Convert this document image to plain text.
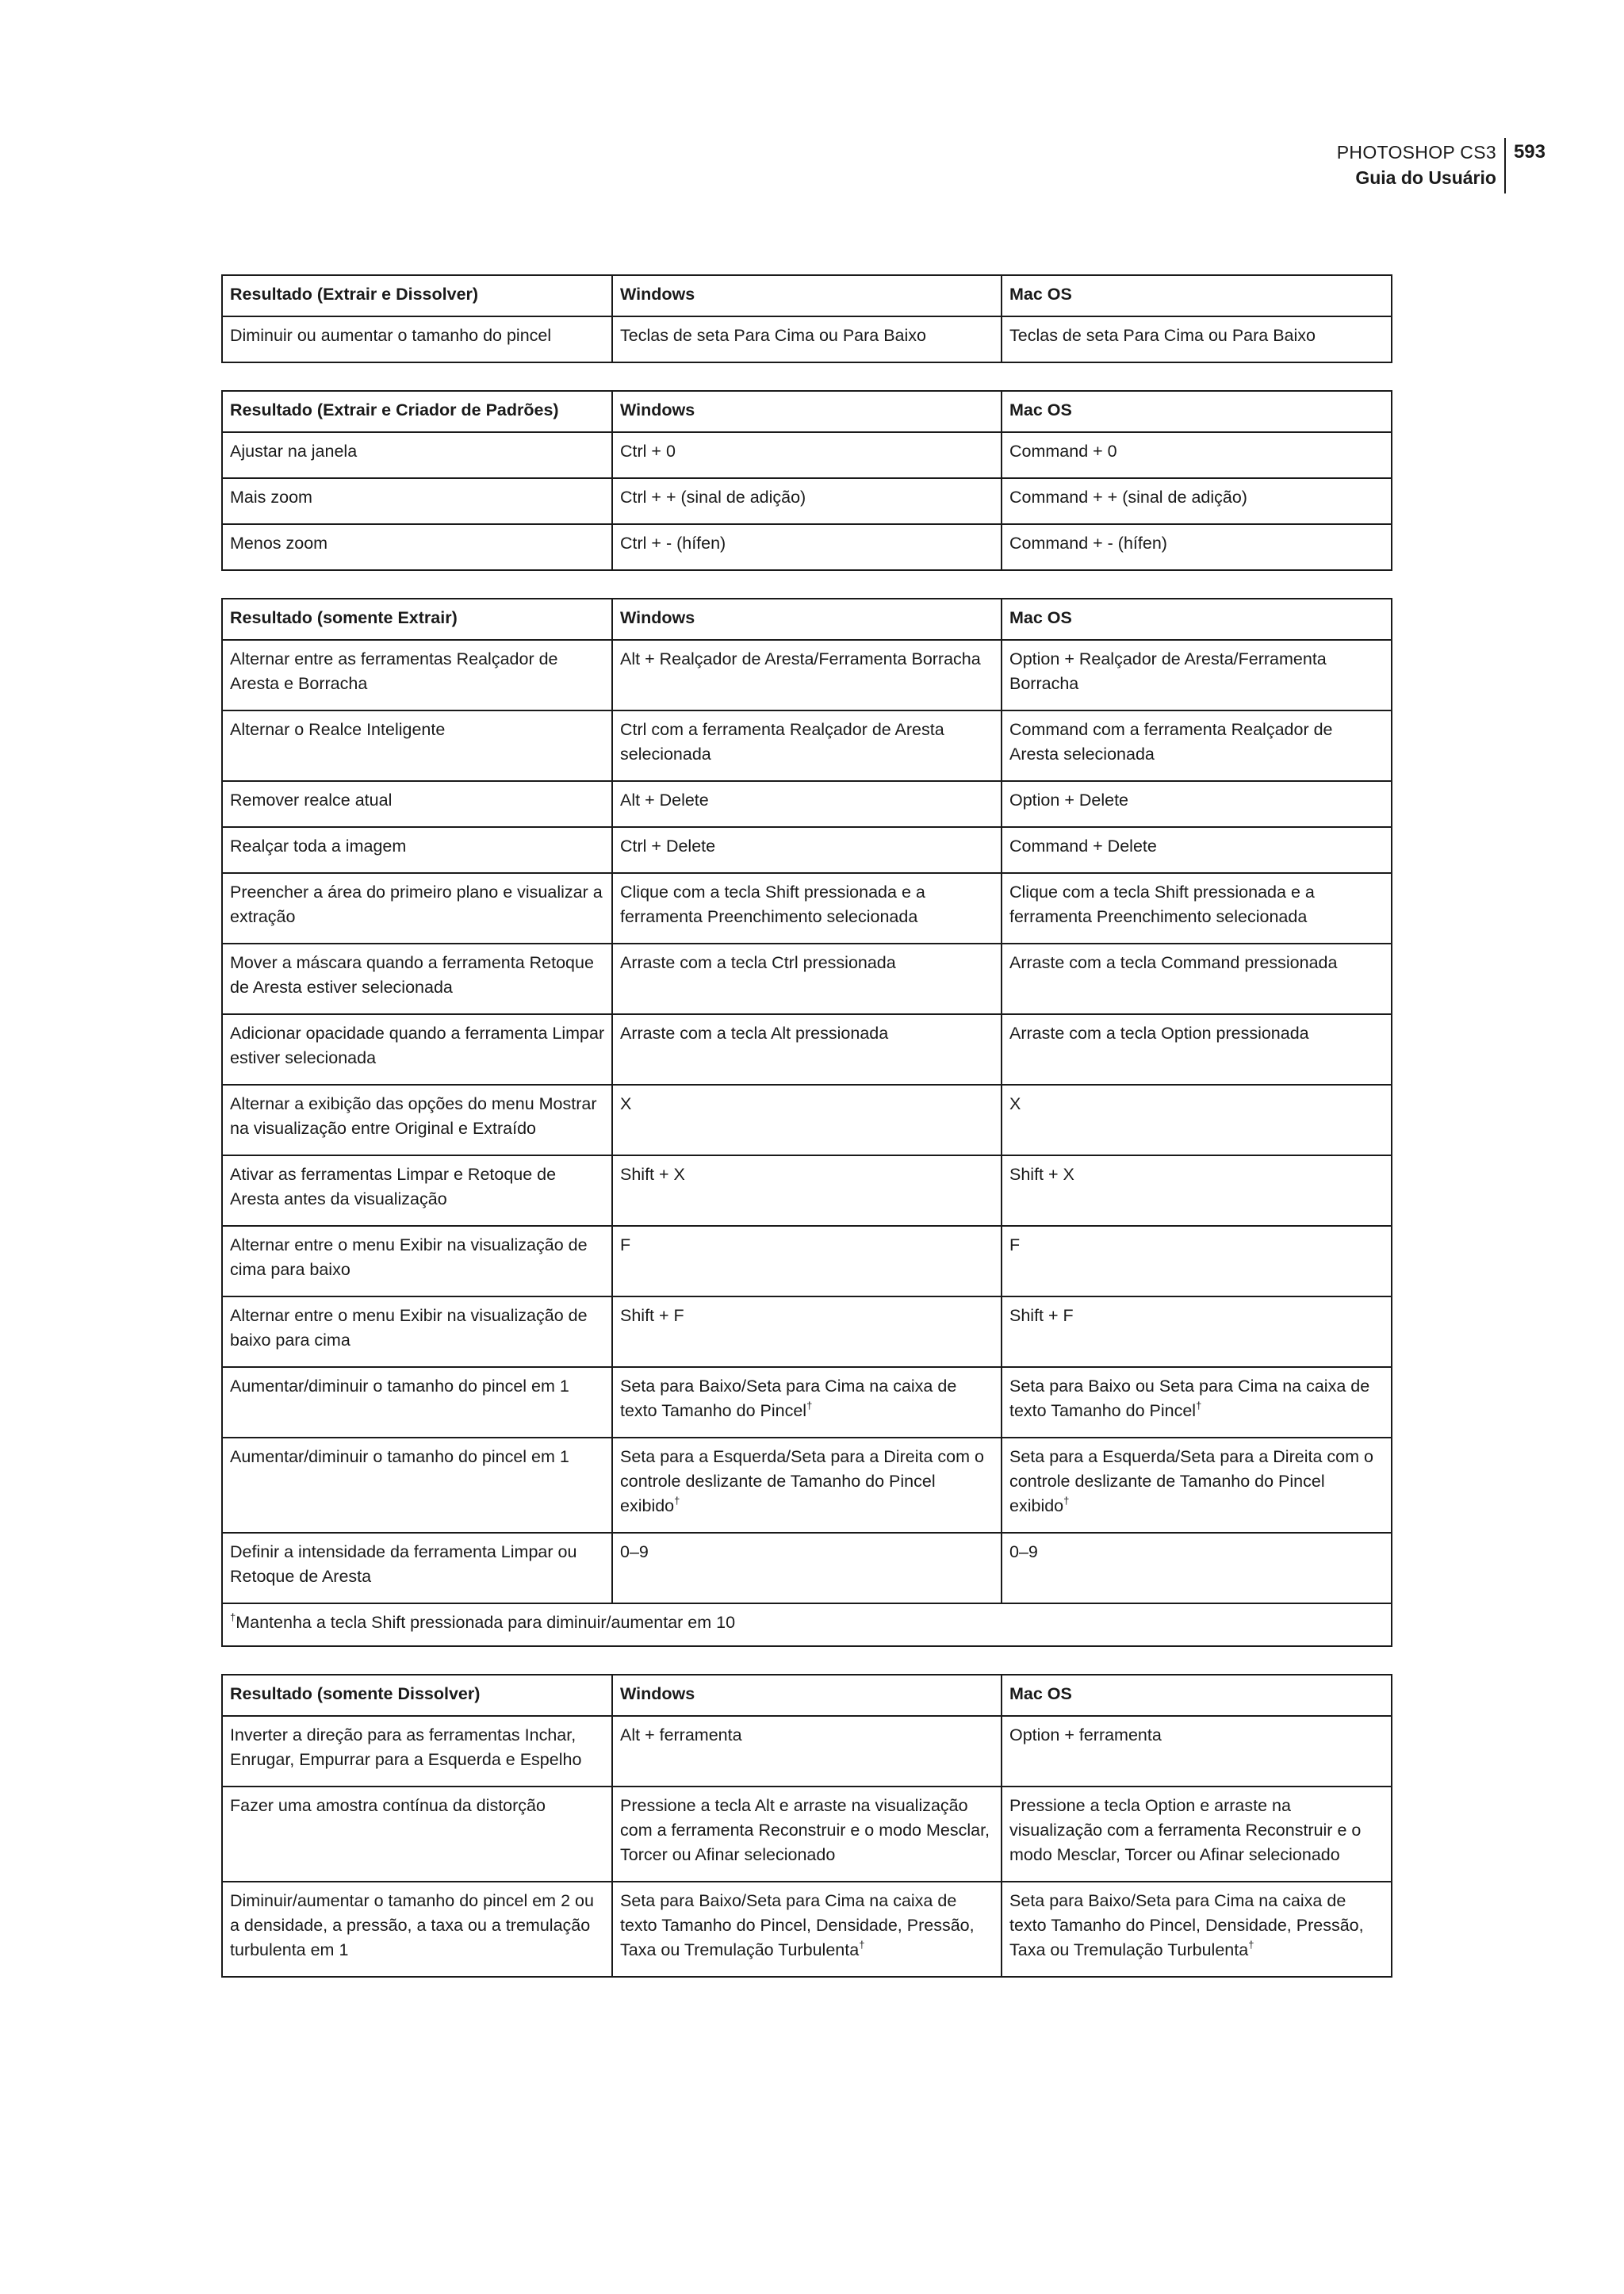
PHOTOSHOP CS3
Guia do Usuário
593
Resultado (Extrair e Dissolver)	Windows	Mac OS
Diminuir ou aumentar o tamanho do pincel	Teclas de seta Para Cima ou Para Baixo	Teclas de seta Para Cima ou Para Baixo
Resultado (Extrair e Criador de Padrões)	Windows	Mac OS
Ajustar na janela	Ctrl + 0	Command + 0
Mais zoom	Ctrl + + (sinal de adição)	Command + + (sinal de adição)
Menos zoom	Ctrl + - (hífen)	Command + - (hífen)
Resultado (somente Extrair)	Windows	Mac OS
Alternar entre as ferramentas Realçador de Aresta e Borracha	Alt + Realçador de Aresta/Ferramenta Borracha	Option + Realçador de Aresta/Ferramenta Borracha
Alternar o Realce Inteligente	Ctrl com a ferramenta Realçador de Aresta selecionada	Command com a ferramenta Realçador de Aresta selecionada
Remover realce atual	Alt + Delete	Option + Delete
Realçar toda a imagem	Ctrl + Delete	Command + Delete
Preencher a área do primeiro plano e visualizar a extração	Clique com a tecla Shift pressionada e a ferramenta Preenchimento selecionada	Clique com a tecla Shift pressionada e a ferramenta Preenchimento selecionada
Mover a máscara quando a ferramenta Retoque de Aresta estiver selecionada	Arraste com a tecla Ctrl pressionada	Arraste com a tecla Command pressionada
Adicionar opacidade quando a ferramenta Limpar estiver selecionada	Arraste com a tecla Alt pressionada	Arraste com a tecla Option pressionada
Alternar a exibição das opções do menu Mostrar na visualização entre Original e Extraído	X	X
Ativar as ferramentas Limpar e Retoque de Aresta antes da visualização	Shift + X	Shift + X
Alternar entre o menu Exibir na visualização de cima para baixo	F	F
Alternar entre o menu Exibir na visualização de baixo para cima	Shift + F	Shift + F
Aumentar/diminuir o tamanho do pincel em 1	Seta para Baixo/Seta para Cima na caixa de texto Tamanho do Pincel†	Seta para Baixo ou Seta para Cima na caixa de texto Tamanho do Pincel†
Aumentar/diminuir o tamanho do pincel em 1	Seta para a Esquerda/Seta para a Direita com o controle deslizante de Tamanho do Pincel exibido†	Seta para a Esquerda/Seta para a Direita com o controle deslizante de Tamanho do Pincel exibido†
Definir a intensidade da ferramenta Limpar ou Retoque de Aresta	0–9	0–9
†Mantenha a tecla Shift pressionada para diminuir/aumentar em 10		
Resultado (somente Dissolver)	Windows	Mac OS
Inverter a direção para as ferramentas Inchar, Enrugar, Empurrar para a Esquerda e Espelho	Alt + ferramenta	Option + ferramenta
Fazer uma amostra contínua da distorção	Pressione a tecla Alt e arraste na visualização com a ferramenta Reconstruir e o modo Mesclar, Torcer ou Afinar selecionado	Pressione a tecla Option e arraste na visualização com a ferramenta Reconstruir e o modo Mesclar, Torcer ou Afinar selecionado
Diminuir/aumentar o tamanho do pincel em 2 ou a densidade, a pressão, a taxa ou a tremulação turbulenta em 1	Seta para Baixo/Seta para Cima na caixa de texto Tamanho do Pincel, Densidade, Pressão, Taxa ou Tremulação Turbulenta†	Seta para Baixo/Seta para Cima na caixa de texto Tamanho do Pincel, Densidade, Pressão, Taxa ou Tremulação Turbulenta†
